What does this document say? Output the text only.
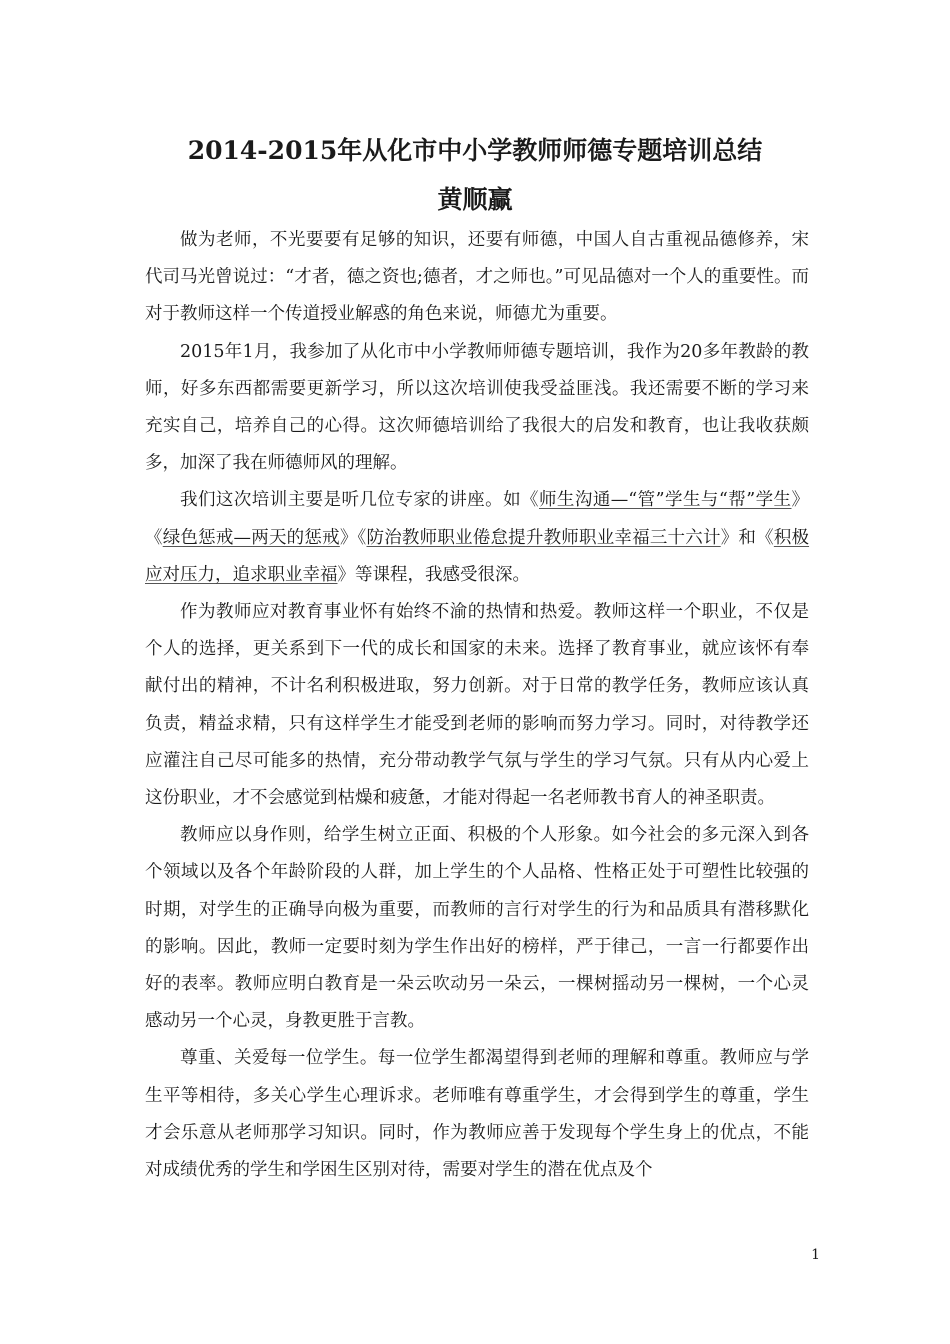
2014-2015年从化市中小学教师师德专题培训总结
黄顺赢

做为老师，不光要要有足够的知识，还要有师德，中国人自古重视品德修养，宋代司马光曾说过：“才者，德之资也;德者，才之师也。”可见品德对一个人的重要性。而对于教师这样一个传道授业解惑的角色来说，师德尤为重要。

2015年1月，我参加了从化市中小学教师师德专题培训，我作为20多年教龄的教师，好多东西都需要更新学习，所以这次培训使我受益匪浅。我还需要不断的学习来充实自己，培养自己的心得。这次师德培训给了我很大的启发和教育，也让我收获颇多，加深了我在师德师风的理解。

我们这次培训主要是听几位专家的讲座。如《师生沟通—“管”学生与“帮”学生》《绿色惩戒—两天的惩戒》《防治教师职业倦怠提升教师职业幸福三十六计》和《积极应对压力，追求职业幸福》等课程，我感受很深。

作为教师应对教育事业怀有始终不渝的热情和热爱。教师这样一个职业，不仅是个人的选择，更关系到下一代的成长和国家的未来。选择了教育事业，就应该怀有奉献付出的精神，不计名利积极进取，努力创新。对于日常的教学任务，教师应该认真负责，精益求精，只有这样学生才能受到老师的影响而努力学习。同时，对待教学还应灌注自己尽可能多的热情，充分带动教学气氛与学生的学习气氛。只有从内心爱上这份职业，才不会感觉到枯燥和疲惫，才能对得起一名老师教书育人的神圣职责。

教师应以身作则，给学生树立正面、积极的个人形象。如今社会的多元深入到各个领域以及各个年龄阶段的人群，加上学生的个人品格、性格正处于可塑性比较强的时期，对学生的正确导向极为重要，而教师的言行对学生的行为和品质具有潜移默化的影响。因此，教师一定要时刻为学生作出好的榜样，严于律己，一言一行都要作出好的表率。教师应明白教育是一朵云吹动另一朵云，一棵树摇动另一棵树，一个心灵感动另一个心灵，身教更胜于言教。

尊重、关爱每一位学生。每一位学生都渴望得到老师的理解和尊重。教师应与学生平等相待，多关心学生心理诉求。老师唯有尊重学生，才会得到学生的尊重，学生才会乐意从老师那学习知识。同时，作为教师应善于发现每个学生身上的优点，不能对成绩优秀的学生和学困生区别对待，需要对学生的潜在优点及个

1
